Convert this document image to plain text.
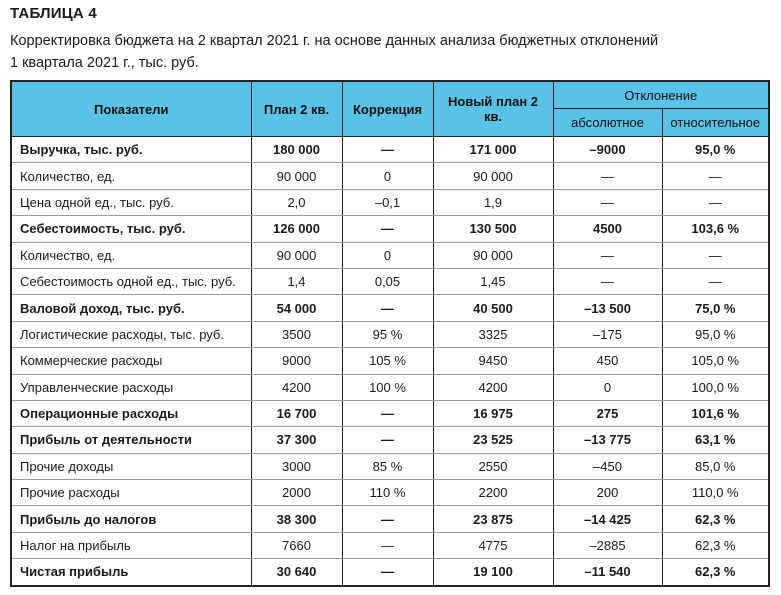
ТАБЛИЦА 4
Корректировка бюджета на 2 квартал 2021 г. на основе данных анализа бюджетных отклонений
1 квартала 2021 г., тыс. руб.
Показатели	План 2 кв.	Коррекция	Новый план 2 кв.	Отклонение	
				абсолютное	относительное
Выручка, тыс. руб.	180 000	—	171 000	–9000	95,0 %
Количество, ед.	90 000	0	90 000	—	—
Цена одной ед., тыс. руб.	2,0	–0,1	1,9	—	—
Себестоимость, тыс. руб.	126 000	—	130 500	4500	103,6 %
Количество, ед.	90 000	0	90 000	—	—
Себестоимость одной ед., тыс. руб.	1,4	0,05	1,45	—	—
Валовой доход, тыс. руб.	54 000	—	40 500	–13 500	75,0 %
Логистические расходы, тыс. руб.	3500	95 %	3325	–175	95,0 %
Коммерческие расходы	9000	105 %	9450	450	105,0 %
Управленческие расходы	4200	100 %	4200	0	100,0 %
Операционные расходы	16 700	—	16 975	275	101,6 %
Прибыль от деятельности	37 300	—	23 525	–13 775	63,1 %
Прочие доходы	3000	85 %	2550	–450	85,0 %
Прочие расходы	2000	110 %	2200	200	110,0 %
Прибыль до налогов	38 300	—	23 875	–14 425	62,3 %
Налог на прибыль	7660	—	4775	–2885	62,3 %
Чистая прибыль	30 640	—	19 100	–11 540	62,3 %
